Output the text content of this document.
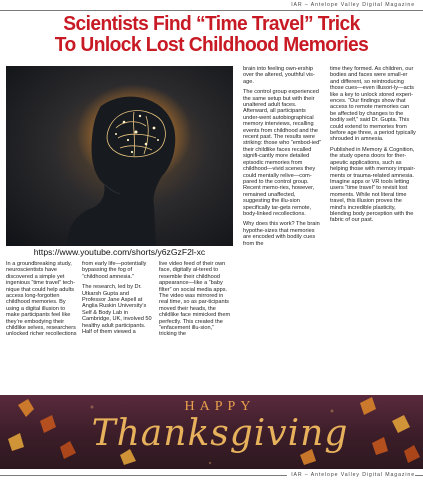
IAR – Antelope Valley Digital Magazine
Scientists Find “Time Travel” Trick
To Unlock Lost Childhood Memories
https://www.youtube.com/shorts/y6zGzF2l-xc

In a groundbreaking study, neuroscientists have discovered a simple yet ingenious “time travel” tech-nique that could help adults access long-forgotten childhood memories. By using a digital illusion to make participants feel like they’re embodying their childlike selves, researchers unlocked richer recollections

from early life—potentially bypassing the fog of “childhood amnesia.”

The research, led by Dr. Utkarsh Gupta and Professor Jane Aspell at Anglia Ruskin University’s Self & Body Lab in Cambridge, UK, involved 50 healthy adult participants. Half of them viewed a

live video feed of their own face, digitally al-tered to resemble their childhood appearance—like a “baby filter” on social media apps. The video was mirrored in real time, so as par-ticipants moved their heads, the childlike face mimicked them perfectly. This created the “enfacement illu-sion,” tricking the

brain into feeling own-ership over the altered, youthful vis-age.

The control group experienced the same setup but with their unaltered adult faces. Afterward, all participants under-went autobiographical memory interviews, recalling events from childhood and the recent past. The results were striking: those who “embod-ied” their childlike faces recalled signifi-cantly more detailed episodic memories from childhood—vivid scenes they could mentally relive—com-pared to the control group. Recent memo-ries, however, remained unaffected, suggesting the illu-sion specifically tar-gets remote, body-linked recollections.

Why does this work? The brain hypothe-sizes that memories are encoded with bodily cues from the

time they formed. As children, our bodies and faces were small-er and different, so reintroducing those cues—even illusori-ly—acts like a key to unlock stored experi-ences. “Our findings show that access to remote memories can be affected by changes to the bodily self,” said Dr. Gupta. This could extend to memories from before age three, a period typically shrouded in amnesia.

Published in Memory & Cognition, the study opens doors for ther-apeutic applications, such as helping those with memory impair-ments or trauma-related amnesia. Imagine apps or VR tools letting users “time travel” to revisit lost moments. While not literal time travel, this illusion proves the mind’s incredible plasticity, blending body perception with the fabric of our past.

HAPPY
Thanksgiving
IAR – Antelope Valley Digital Magazine
